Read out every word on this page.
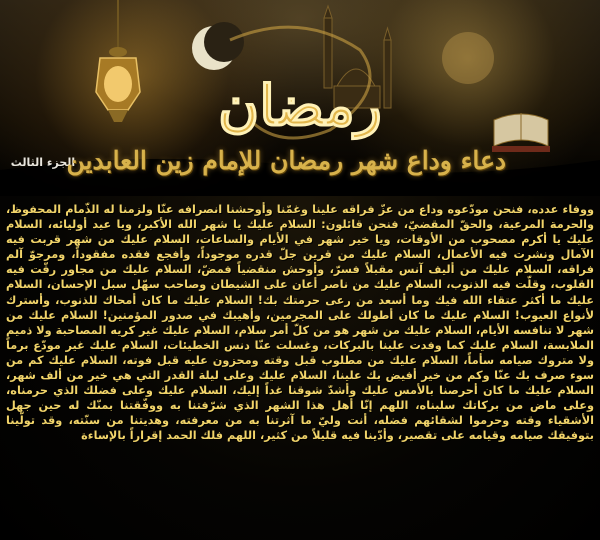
رمضان
الجزء الثالث
دعاء وداع شهر رمضان للإمام زين العابدين
ووفاء عدده، فنحن مودّعوه وداع من عزّ فراقه علينا وغمّنا وأوحشنا انصرافه عنّا ولزمنا له الذّمام المحفوظ، والحرمة المرعية، والحقّ المقضيّ، فنحن قائلون: السلام عليك يا شهر الله الأكبر، ويا عيد أوليائه، السلام عليك يا أكرم مصحوب من الأوقات، ويا خير شهر في الأيام والساعات، السلام عليك من شهر قربت فيه الآمال ونشرت فيه الأعمال، السلام عليك من قرين جلّ قدره موجوداً، وأفجع فقده مفقوداً، ومرجوّ آلم فراقه، السلام عليك من أليف آنس مقبلاً فسرّ، وأوحش منقضياً فمضّ، السلام عليك من مجاور رقّت فيه القلوب، وقلّت فيه الذنوب، السلام عليك من ناصر أعان على الشيطان وصاحب سهّل سبل الإحسان، السلام عليك ما أكثر عتقاء الله فيك وما أسعد من رعى حرمتك بك! السلام عليك ما كان أمحاك للذنوب، وأسترك لأنواع العيوب! السلام عليك ما كان أطولك على المجرمين، وأهيبك في صدور المؤمنين! السلام عليك من شهر لا تنافسه الأيام، السلام عليك من شهر هو من كلّ أمر سلام، السلام عليك غير كريه المصاحبة ولا ذميم الملابسة، السلام عليك كما وفدت علينا بالبركات، وغسلت عنّا دنس الخطيئات، السلام عليك غير مودّع برماً ولا متروك صيامه سأماً، السلام عليك من مطلوب قبل وقته ومحزون عليه قبل فوته، السلام عليك كم من سوء صرف بك عنّا وكم من خير أفيض بك علينا، السلام عليك وعلى ليلة القدر التي هي خير من ألف شهر، السلام عليك ما كان أحرصنا بالأمس عليك وأشدّ شوقنا غداً إليك، السلام عليك وعلى فضلك الذي حرمناه، وعلى ماض من بركاتك سلبناه، اللهم إنّا أهل هذا الشهر الذي شرّفتنا به ووفّقتنا بمنّك له حين جهل الأشقياء وقته وحرموا لشقائهم فضله، أنت وليّ ما آثرتنا به من معرفته، وهديتنا من سنّته، وقد تولّينا بتوفيقك صيامه وقيامه على تقصير، وأدّينا فيه قليلاً من كثير، اللهم فلك الحمد إقراراً بالإساءة
